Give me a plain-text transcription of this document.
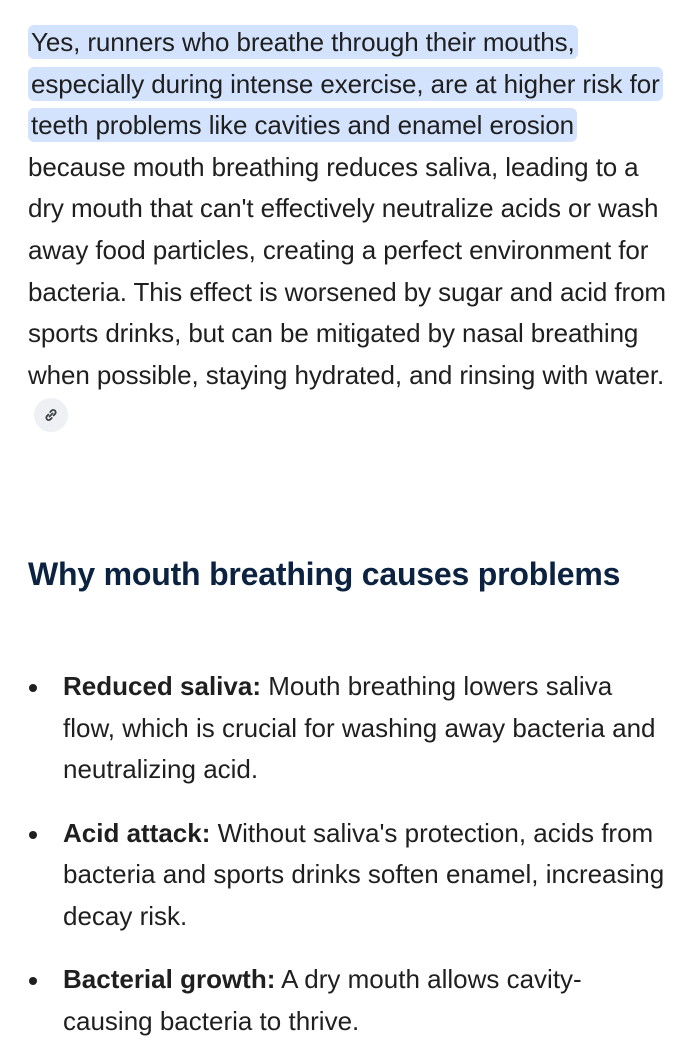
Yes, runners who breathe through their mouths, especially during intense exercise, are at higher risk for teeth problems like cavities and enamel erosion because mouth breathing reduces saliva, leading to a dry mouth that can't effectively neutralize acids or wash away food particles, creating a perfect environment for bacteria. This effect is worsened by sugar and acid from sports drinks, but can be mitigated by nasal breathing when possible, staying hydrated, and rinsing with water.

Why mouth breathing causes problems
Reduced saliva: Mouth breathing lowers saliva flow, which is crucial for washing away bacteria and neutralizing acid.
Acid attack: Without saliva's protection, acids from bacteria and sports drinks soften enamel, increasing decay risk.
Bacterial growth: A dry mouth allows cavity-causing bacteria to thrive.
